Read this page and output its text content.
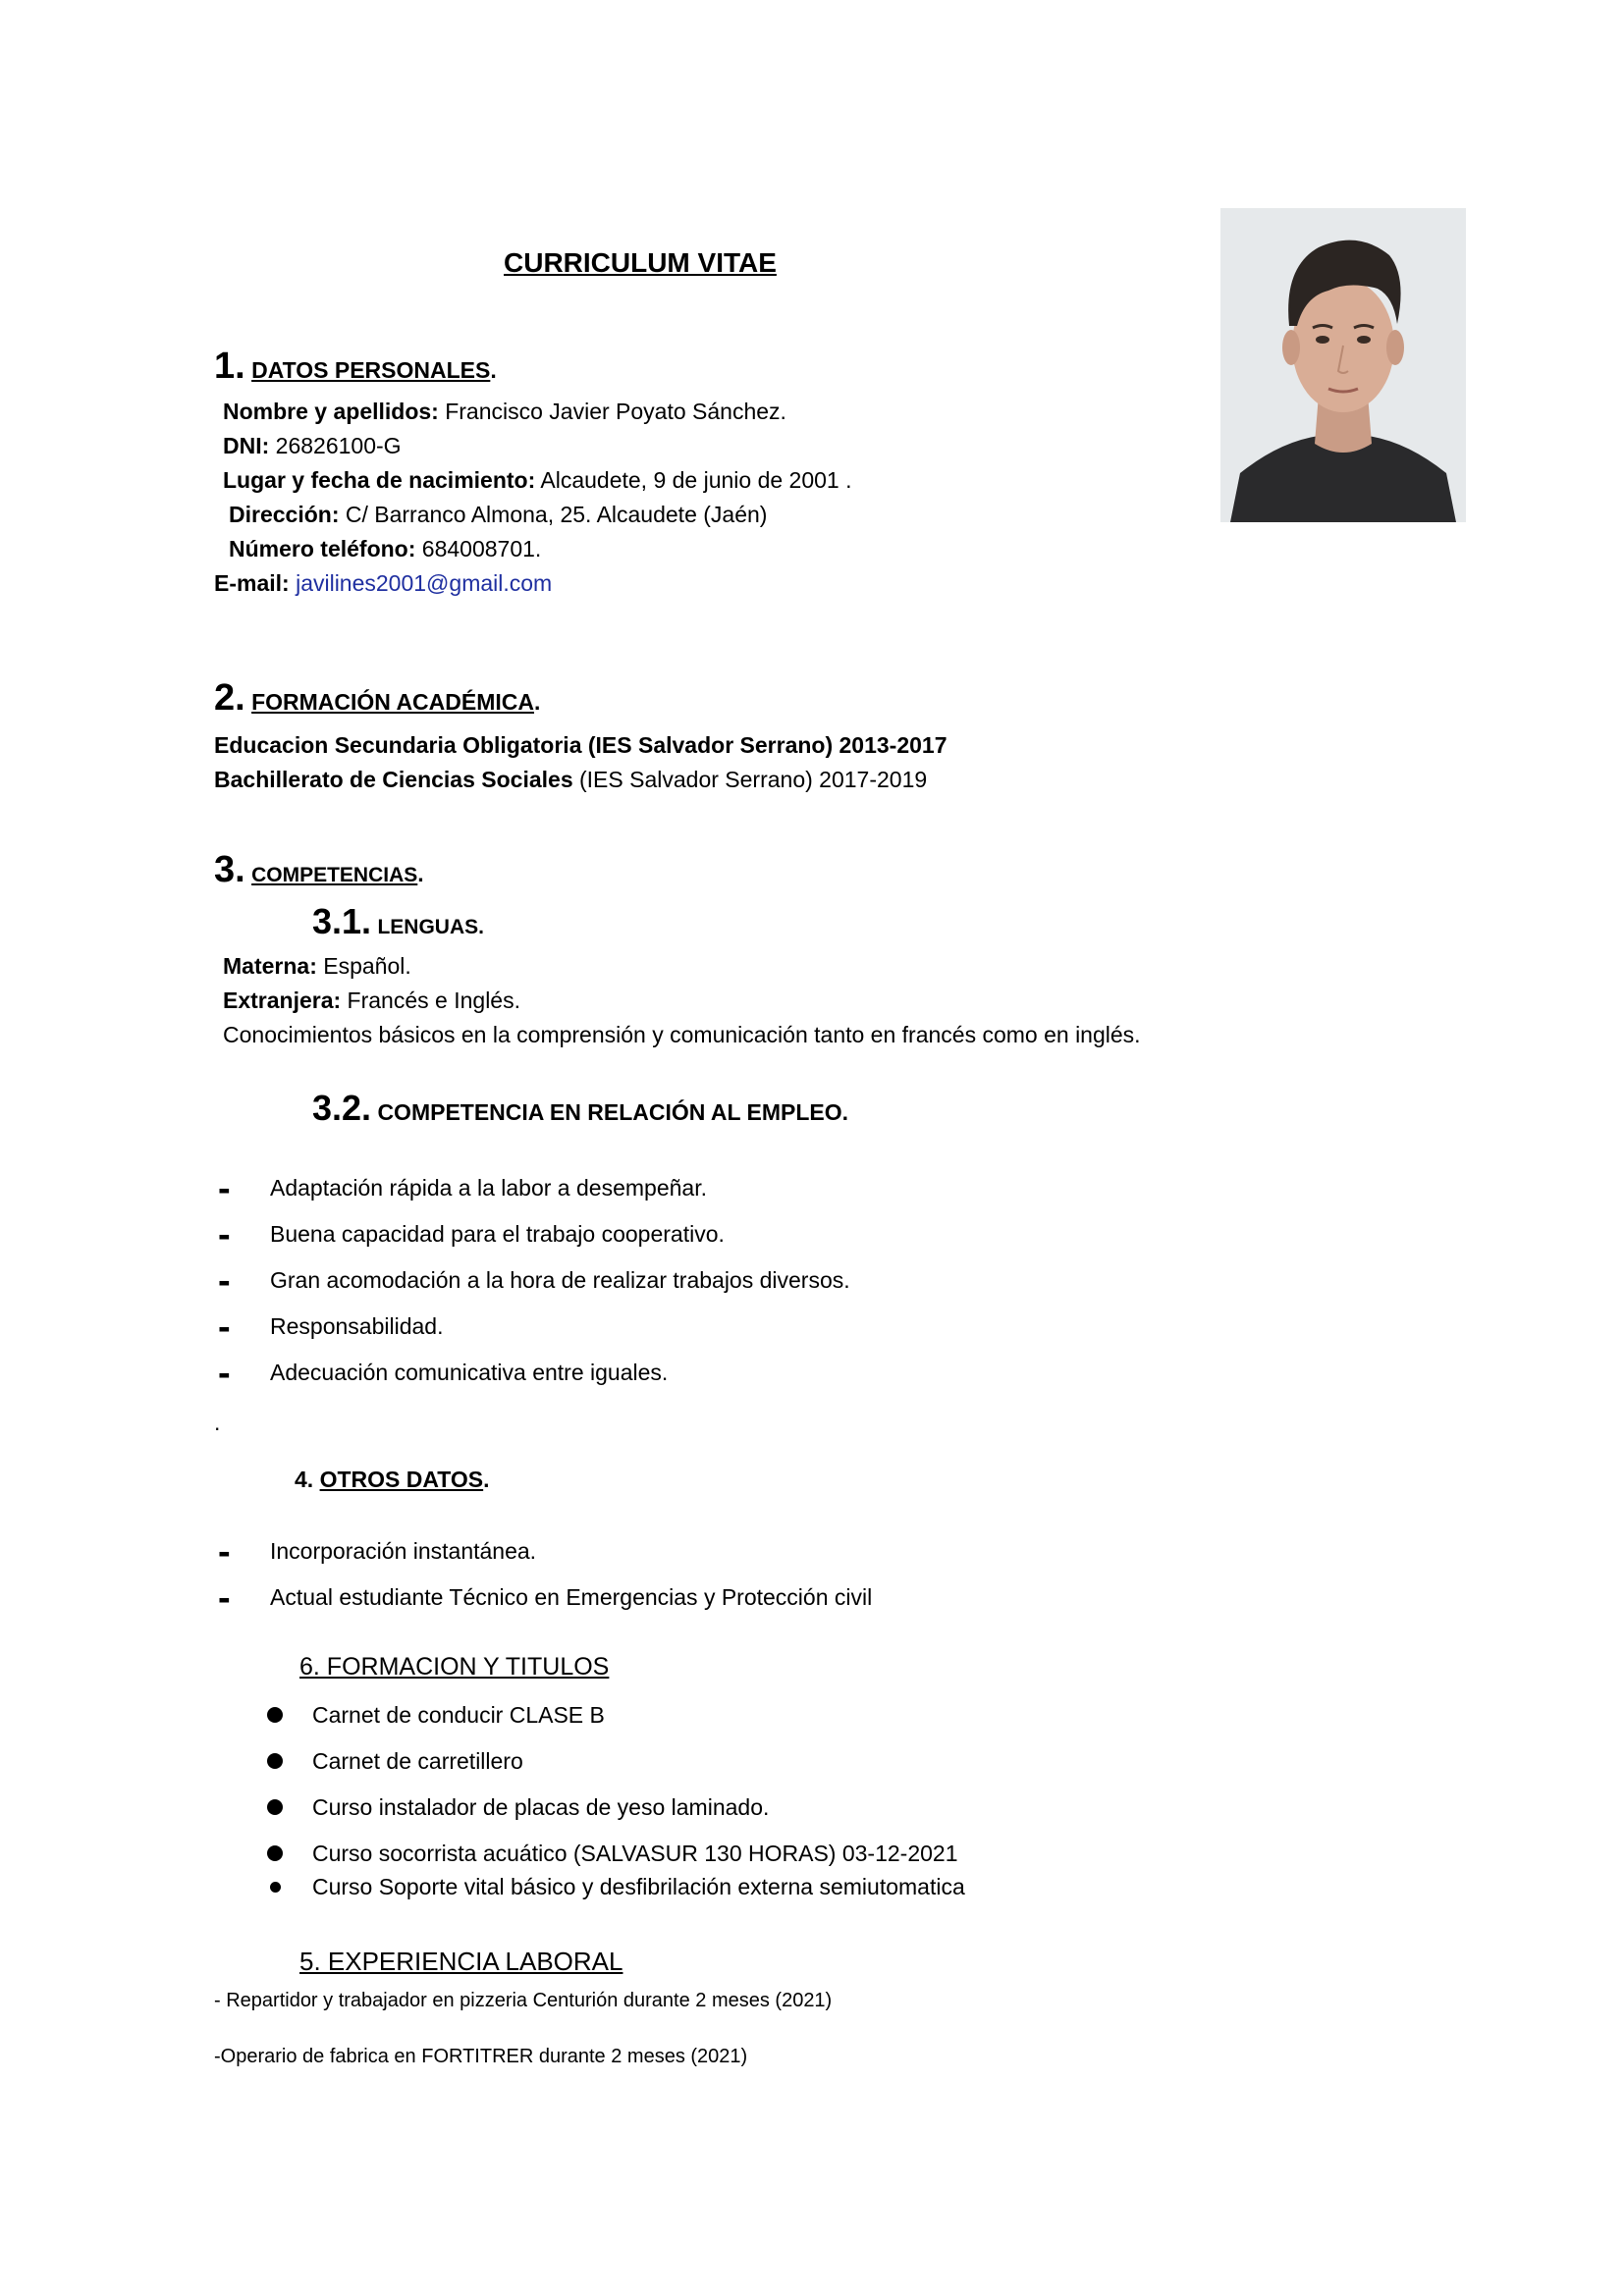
CURRICULUM VITAE
1. DATOS PERSONALES.
Nombre y apellidos: Francisco Javier Poyato Sánchez.
DNI: 26826100-G
Lugar y fecha de nacimiento: Alcaudete, 9 de junio de 2001 .
Dirección: C/ Barranco Almona, 25. Alcaudete (Jaén)
Número teléfono: 684008701.
E-mail: javilines2001@gmail.com
2. FORMACIÓN ACADÉMICA.
Educacion Secundaria Obligatoria (IES Salvador Serrano) 2013-2017
Bachillerato de Ciencias Sociales (IES Salvador Serrano) 2017-2019
3. COMPETENCIAS.
3.1. LENGUAS.
Materna: Español.
Extranjera: Francés e Inglés.
Conocimientos básicos en la comprensión y comunicación tanto en francés como en inglés.
3.2. COMPETENCIA EN RELACIÓN AL EMPLEO.
- Adaptación rápida a la labor a desempeñar.
- Buena capacidad para el trabajo cooperativo.
- Gran acomodación a la hora de realizar trabajos diversos.
- Responsabilidad.
- Adecuación comunicativa entre iguales.
.
4. OTROS DATOS.
- Incorporación instantánea.
- Actual estudiante Técnico en Emergencias y Protección civil
6. FORMACION Y TITULOS
Carnet de conducir CLASE B
Carnet de carretillero
Curso instalador de placas de yeso laminado.
Curso socorrista acuático (SALVASUR 130 HORAS) 03-12-2021
Curso Soporte vital básico y desfibrilación externa semiutomatica
5. EXPERIENCIA LABORAL
- Repartidor y trabajador en pizzeria Centurión durante 2 meses (2021)
-Operario de fabrica en FORTITRER durante 2 meses (2021)
